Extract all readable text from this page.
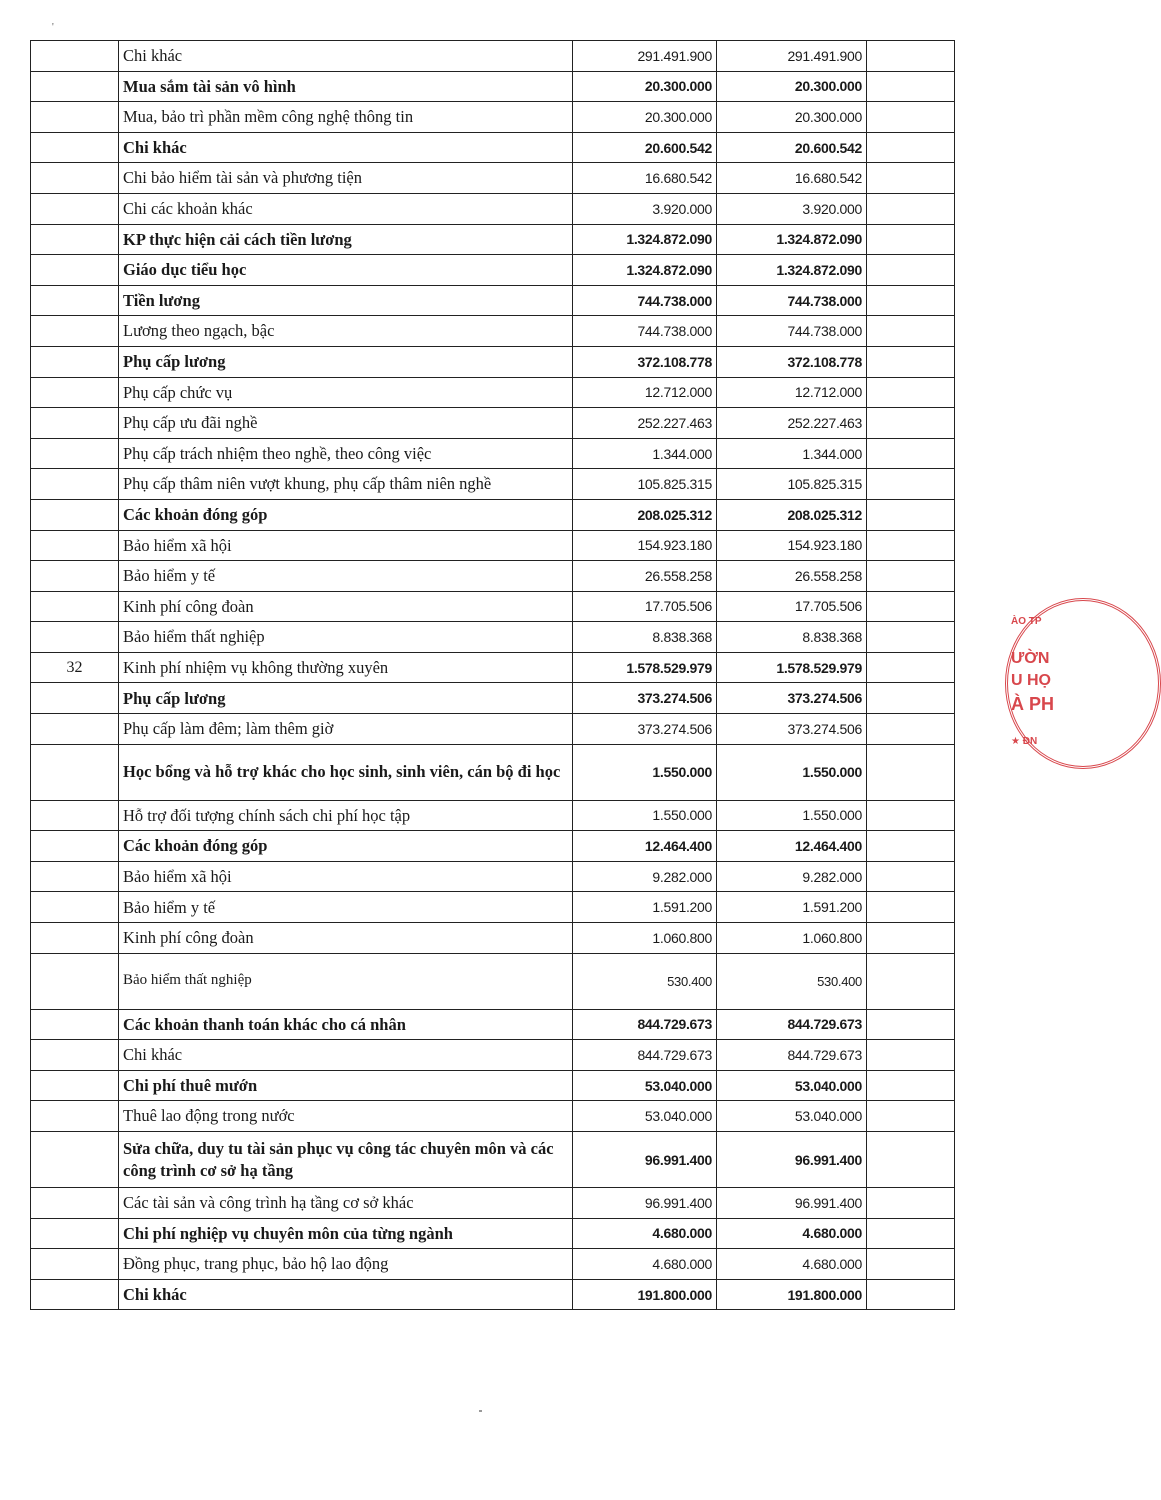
'
	Chi khác	291.491.900	291.491.900	
	Mua sắm tài sản vô hình	20.300.000	20.300.000	
	Mua, bảo trì phần mềm công nghệ thông tin	20.300.000	20.300.000	
	Chi khác	20.600.542	20.600.542	
	Chi bảo hiểm tài sản và phương tiện	16.680.542	16.680.542	
	Chi các khoản khác	3.920.000	3.920.000	
	KP thực hiện cải cách tiền lương	1.324.872.090	1.324.872.090	
	Giáo dục tiểu học	1.324.872.090	1.324.872.090	
	Tiền lương	744.738.000	744.738.000	
	Lương theo ngạch, bậc	744.738.000	744.738.000	
	Phụ cấp lương	372.108.778	372.108.778	
	Phụ cấp chức vụ	12.712.000	12.712.000	
	Phụ cấp ưu đãi nghề	252.227.463	252.227.463	
	Phụ cấp trách nhiệm theo nghề, theo công việc	1.344.000	1.344.000	
	Phụ cấp thâm niên vượt khung, phụ cấp thâm niên nghề	105.825.315	105.825.315	
	Các khoản đóng góp	208.025.312	208.025.312	
	Bảo hiểm xã hội	154.923.180	154.923.180	
	Bảo hiểm y tế	26.558.258	26.558.258	
	Kinh phí công đoàn	17.705.506	17.705.506	
	Bảo hiểm thất nghiệp	8.838.368	8.838.368	
32	Kinh phí nhiệm vụ không thường xuyên	1.578.529.979	1.578.529.979	
	Phụ cấp lương	373.274.506	373.274.506	
	Phụ cấp làm đêm; làm thêm giờ	373.274.506	373.274.506	
	Học bổng và hỗ trợ khác cho học sinh, sinh viên, cán bộ đi học	1.550.000	1.550.000	
	Hỗ trợ đối tượng chính sách chi phí học tập	1.550.000	1.550.000	
	Các khoản đóng góp	12.464.400	12.464.400	
	Bảo hiểm xã hội	9.282.000	9.282.000	
	Bảo hiểm y tế	1.591.200	1.591.200	
	Kinh phí công đoàn	1.060.800	1.060.800	
	Bảo hiểm thất nghiệp	530.400	530.400	
	Các khoản thanh toán khác cho cá nhân	844.729.673	844.729.673	
	Chi khác	844.729.673	844.729.673	
	Chi phí thuê mướn	53.040.000	53.040.000	
	Thuê lao động trong nước	53.040.000	53.040.000	
	Sửa chữa, duy tu tài sản phục vụ công tác chuyên môn và các công trình cơ sở hạ tầng	96.991.400	96.991.400	
	Các tài sản và công trình hạ tầng cơ sở khác	96.991.400	96.991.400	
	Chi phí nghiệp vụ chuyên môn của từng ngành	4.680.000	4.680.000	
	Đồng phục, trang phục, bảo hộ lao động	4.680.000	4.680.000	
	Chi khác	191.800.000	191.800.000	
ÀO TP
ƯỜN
U HỌ
À PH
★ ĐN
